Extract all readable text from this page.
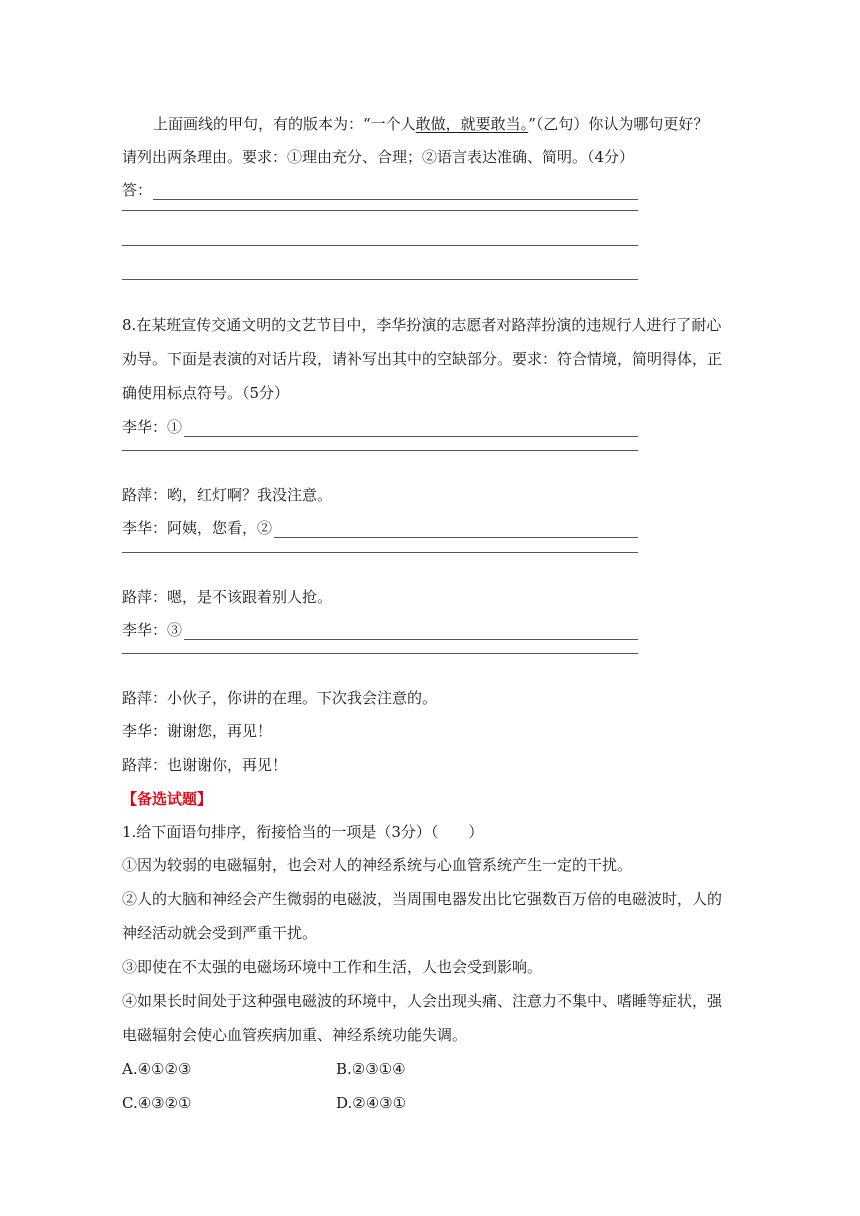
上面画线的甲句，有的版本为：“一个人敢做，就要敢当。”（乙句）你认为哪句更好？
请列出两条理由。要求：①理由充分、合理；②语言表达准确、简明。（4分）
答：
8.在某班宣传交通文明的文艺节目中，李华扮演的志愿者对路萍扮演的违规行人进行了耐心
劝导。下面是表演的对话片段，请补写出其中的空缺部分。要求：符合情境，简明得体，正
确使用标点符号。（5分）
李华：①
路萍：哟，红灯啊？我没注意。
李华：阿姨，您看，②
路萍：嗯，是不该跟着别人抢。
李华：③
路萍：小伙子，你讲的在理。下次我会注意的。
李华：谢谢您，再见！
路萍：也谢谢你，再见！
【备选试题】
1.给下面语句排序，衔接恰当的一项是（3分）（　　）
①因为较弱的电磁辐射，也会对人的神经系统与心血管系统产生一定的干扰。
②人的大脑和神经会产生微弱的电磁波，当周围电器发出比它强数百万倍的电磁波时，人的
神经活动就会受到严重干扰。
③即使在不太强的电磁场环境中工作和生活，人也会受到影响。
④如果长时间处于这种强电磁波的环境中，人会出现头痛、注意力不集中、嗜睡等症状，强
电磁辐射会使心血管疾病加重、神经系统功能失调。
A.④①②③	B.②③①④
C.④③②①	D.②④③①
